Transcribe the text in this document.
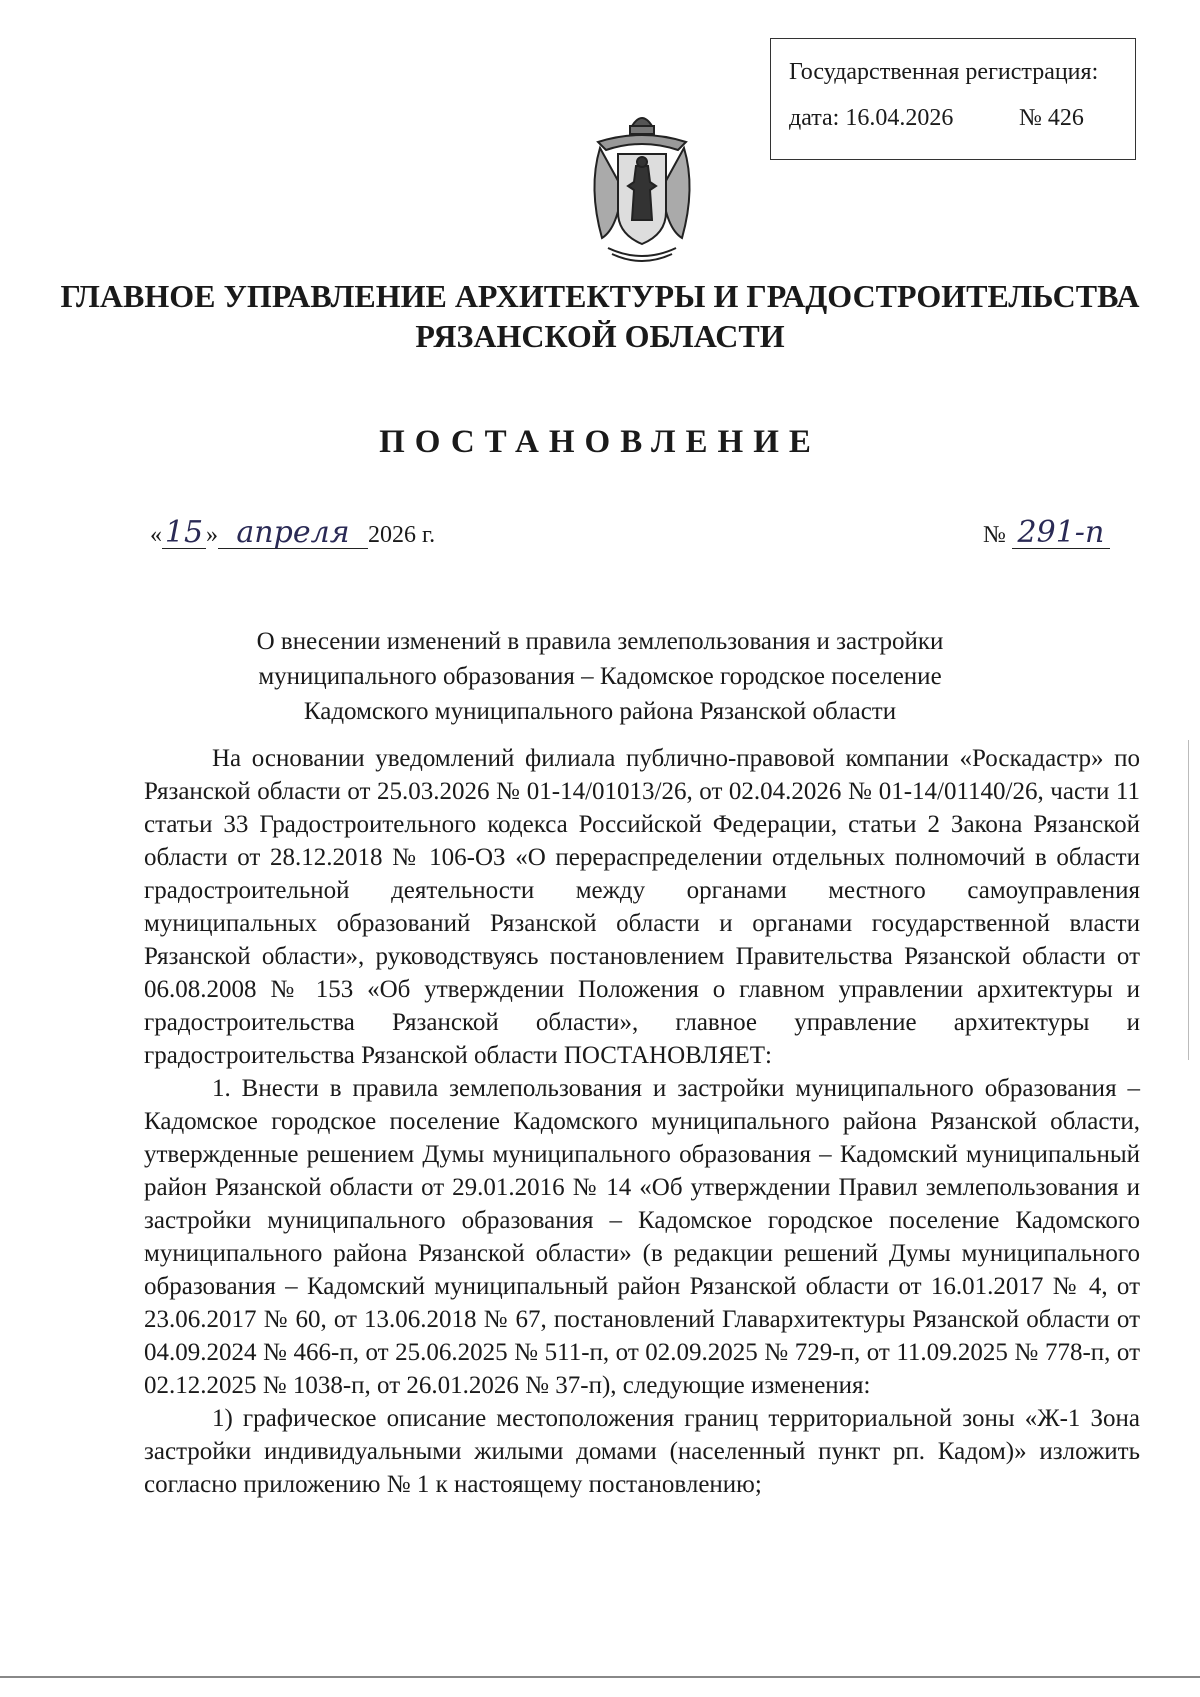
Государственная регистрация:
дата: 16.04.2026	№ 426
ГЛАВНОЕ УПРАВЛЕНИЕ АРХИТЕКТУРЫ И ГРАДОСТРОИТЕЛЬСТВА
РЯЗАНСКОЙ ОБЛАСТИ
ПОСТАНОВЛЕНИЕ
«15 » апреля 2026 г.	№ 291-п
О внесении изменений в правила землепользования и застройки
муниципального образования – Кадомское городское поселение
Кадомского муниципального района Рязанской области

На основании уведомлений филиала публично-правовой компании «Роскадастр» по Рязанской области от 25.03.2026 № 01-14/01013/26, от 02.04.2026 № 01-14/01140/26, части 11 статьи 33 Градостроительного кодекса Российской Федерации, статьи 2 Закона Рязанской области от 28.12.2018 № 106-ОЗ «О перераспределении отдельных полномочий в области градостроительной деятельности между органами местного самоуправления муниципальных образований Рязанской области и органами государственной власти Рязанской области», руководствуясь постановлением Правительства Рязанской области от 06.08.2008 № 153 «Об утверждении Положения о главном управлении архитектуры и градостроительства Рязанской области», главное управление архитектуры и градостроительства Рязанской области ПОСТАНОВЛЯЕТ:

1. Внести в правила землепользования и застройки муниципального образования – Кадомское городское поселение Кадомского муниципального района Рязанской области, утвержденные решением Думы муниципального образования – Кадомский муниципальный район Рязанской области от 29.01.2016 № 14 «Об утверждении Правил землепользования и застройки муниципального образования – Кадомское городское поселение Кадомского муниципального района Рязанской области» (в редакции решений Думы муниципального образования – Кадомский муниципальный район Рязанской области от 16.01.2017 № 4, от 23.06.2017 № 60, от 13.06.2018 № 67, постановлений Главархитектуры Рязанской области от 04.09.2024 № 466-п, от 25.06.2025 № 511-п, от 02.09.2025 № 729-п, от 11.09.2025 № 778-п, от 02.12.2025 № 1038-п, от 26.01.2026 № 37-п), следующие изменения:

1) графическое описание местоположения границ территориальной зоны «Ж-1 Зона застройки индивидуальными жилыми домами (населенный пункт рп. Кадом)» изложить согласно приложению № 1 к настоящему постановлению;
